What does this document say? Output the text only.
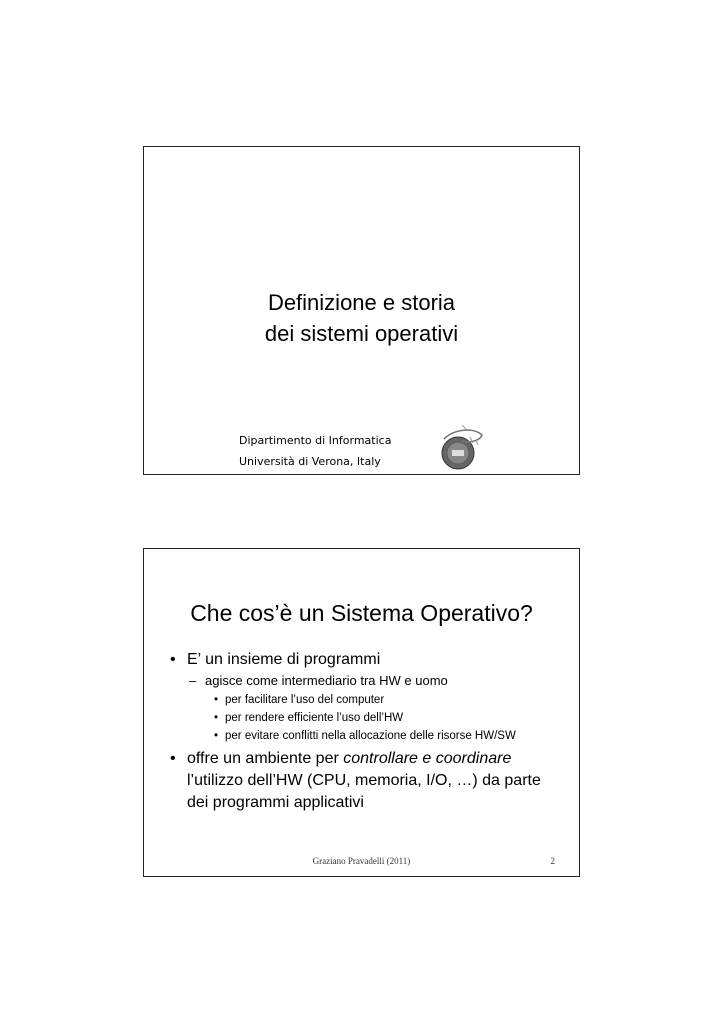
Definizione e storia
dei sistemi operativi
Dipartimento di Informatica
Università di Verona, Italy
Che cos’è un Sistema Operativo?
• E’ un insieme di programmi
– agisce come intermediario tra HW e uomo
• per facilitare l’uso del computer
• per rendere efficiente l’uso dell’HW
• per evitare conflitti nella allocazione delle risorse HW/SW
• offre un ambiente per controllare e coordinare l’utilizzo dell’HW (CPU, memoria, I/O, …) da parte dei programmi applicativi
Graziano Pravadelli (2011)	2
